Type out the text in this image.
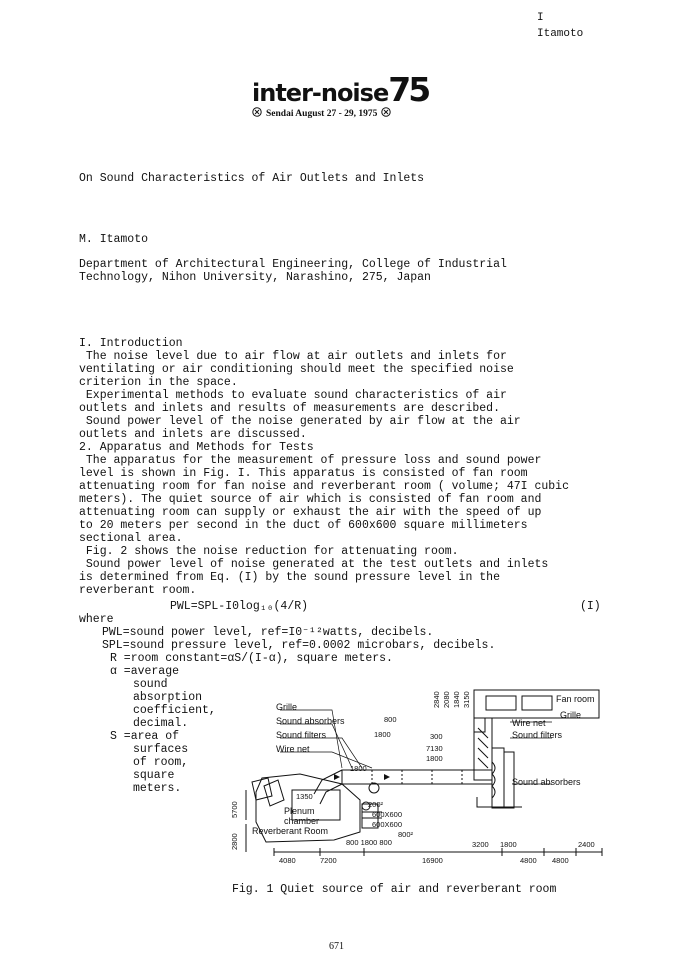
I
Itamoto
inter-noise75
Sendai August 27 - 29, 1975
On Sound Characteristics of Air Outlets and Inlets
M. Itamoto
Department of Architectural Engineering, College of Industrial
Technology, Nihon University, Narashino, 275, Japan
I. Introduction
The noise level due to air flow at air outlets and inlets for
ventilating or air conditioning should meet the specified noise
criterion in the space.
Experimental methods to evaluate sound characteristics of air
outlets and inlets and results of measurements are described.
Sound power level of the noise generated by air flow at the air
outlets and inlets are discussed.
2. Apparatus and Methods for Tests
The apparatus for the measurement of pressure loss and sound power
level is shown in Fig. I. This apparatus is consisted of fan room
attenuating room for fan noise and reverberant room ( volume; 47I cubic
meters). The quiet source of air which is consisted of fan room and
attenuating room can supply or exhaust the air with the speed of up
to 20 meters per second in the duct of 600x600 square millimeters
sectional area.
Fig. 2 shows the noise reduction for attenuating room.
Sound power level of noise generated at the test outlets and inlets
is determined from Eq. (I) by the sound pressure level in the
reverberant room.
PWL=SPL-I0log₁₀(4/R)	(I)
where
PWL=sound power level, ref=I0⁻¹²watts, decibels.
SPL=sound pressure level, ref=0.0002 microbars, decibels.
R =room constant=αS/(I-α), square meters.
α =average
sound
absorption
coefficient,
decimal.
S =area of
surfaces
of room,
square
meters.
Grille
Sound absorbers
Sound filters
Wire net
Fan room
Wire net
Grille
Sound filters
Sound absorbers
Plenum
chamber
Reverberant Room
800
1800	300
7130
1800
1800
1350
200²
600X600
600X600
800²
800 1800 800
2840 2080 1840 3150
5700
2800	3200 1800	2400
4080	7200	16900	4800 4800
Fig. 1 Quiet source of air and reverberant room
671
